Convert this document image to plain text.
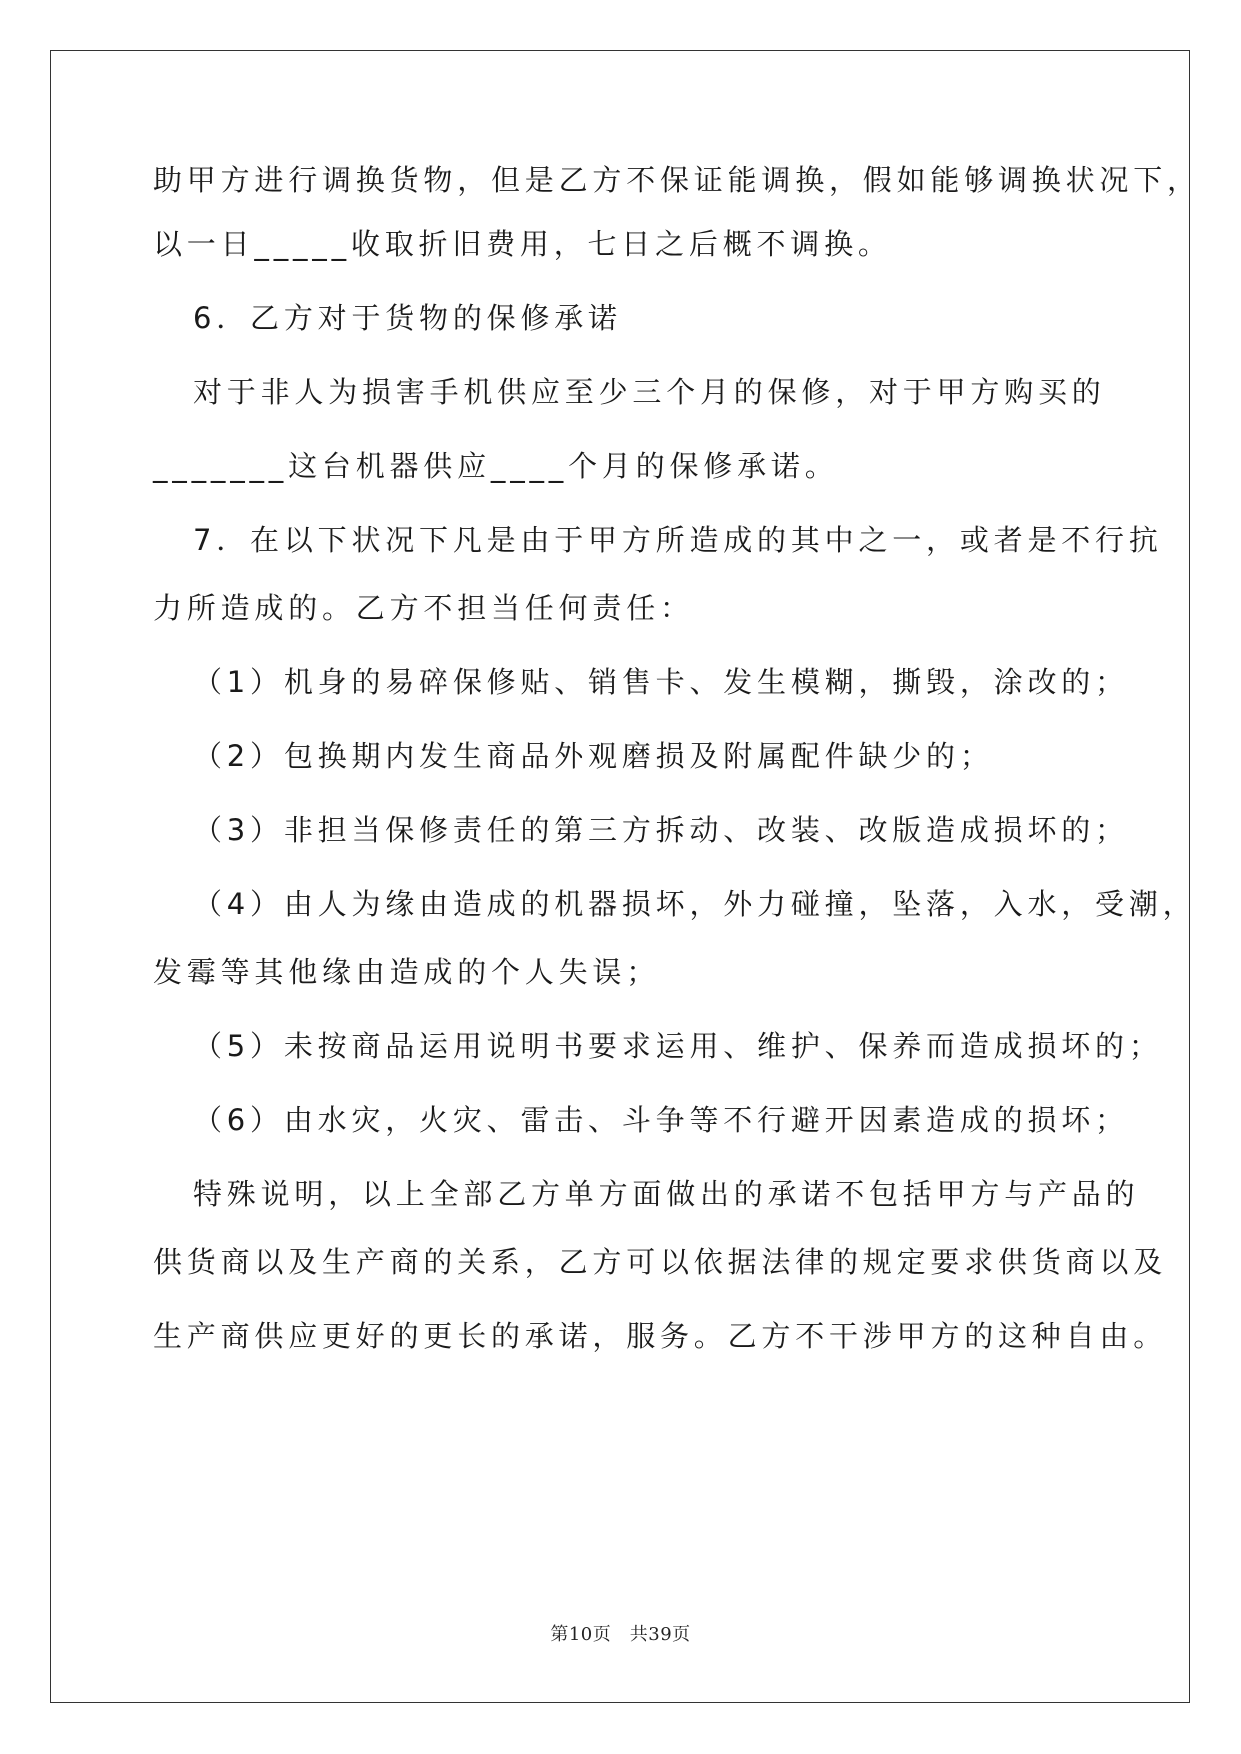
助甲方进行调换货物，但是乙方不保证能调换，假如能够调换状况下，
以一日_____收取折旧费用，七日之后概不调换。
6．乙方对于货物的保修承诺
对于非人为损害手机供应至少三个月的保修，对于甲方购买的
_______这台机器供应____个月的保修承诺。
7．在以下状况下凡是由于甲方所造成的其中之一，或者是不行抗
力所造成的。乙方不担当任何责任：
（1）机身的易碎保修贴、销售卡、发生模糊，撕毁，涂改的；
（2）包换期内发生商品外观磨损及附属配件缺少的；
（3）非担当保修责任的第三方拆动、改装、改版造成损坏的；
（4）由人为缘由造成的机器损坏，外力碰撞，坠落，入水，受潮，
发霉等其他缘由造成的个人失误；
（5）未按商品运用说明书要求运用、维护、保养而造成损坏的；
（6）由水灾，火灾、雷击、斗争等不行避开因素造成的损坏；
特殊说明，以上全部乙方单方面做出的承诺不包括甲方与产品的
供货商以及生产商的关系，乙方可以依据法律的规定要求供货商以及
生产商供应更好的更长的承诺，服务。乙方不干涉甲方的这种自由。
第10页　共39页
